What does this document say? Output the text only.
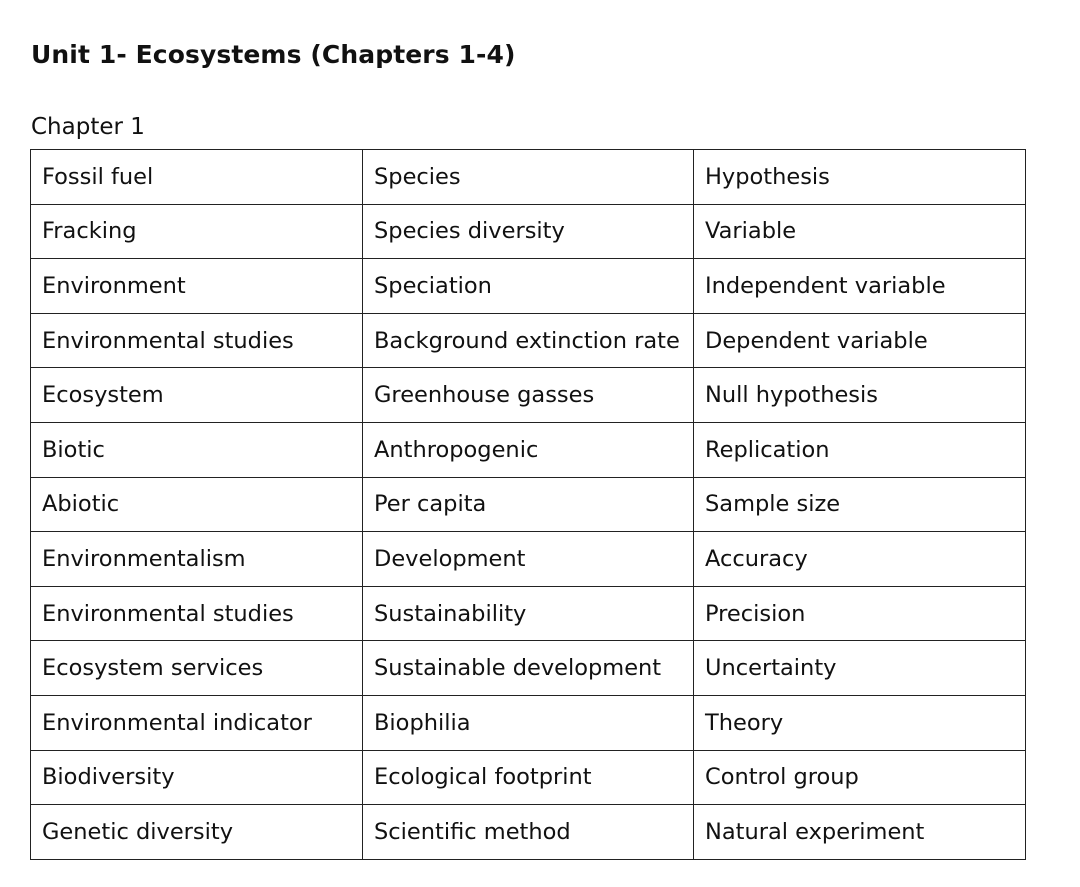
Unit 1- Ecosystems (Chapters 1-4)
Chapter 1
Fossil fuel	Species	Hypothesis
Fracking	Species diversity	Variable
Environment	Speciation	Independent variable
Environmental studies	Background extinction rate	Dependent variable
Ecosystem	Greenhouse gasses	Null hypothesis
Biotic	Anthropogenic	Replication
Abiotic	Per capita	Sample size
Environmentalism	Development	Accuracy
Environmental studies	Sustainability	Precision
Ecosystem services	Sustainable development	Uncertainty
Environmental indicator	Biophilia	Theory
Biodiversity	Ecological footprint	Control group
Genetic diversity	Scientific method	Natural experiment
